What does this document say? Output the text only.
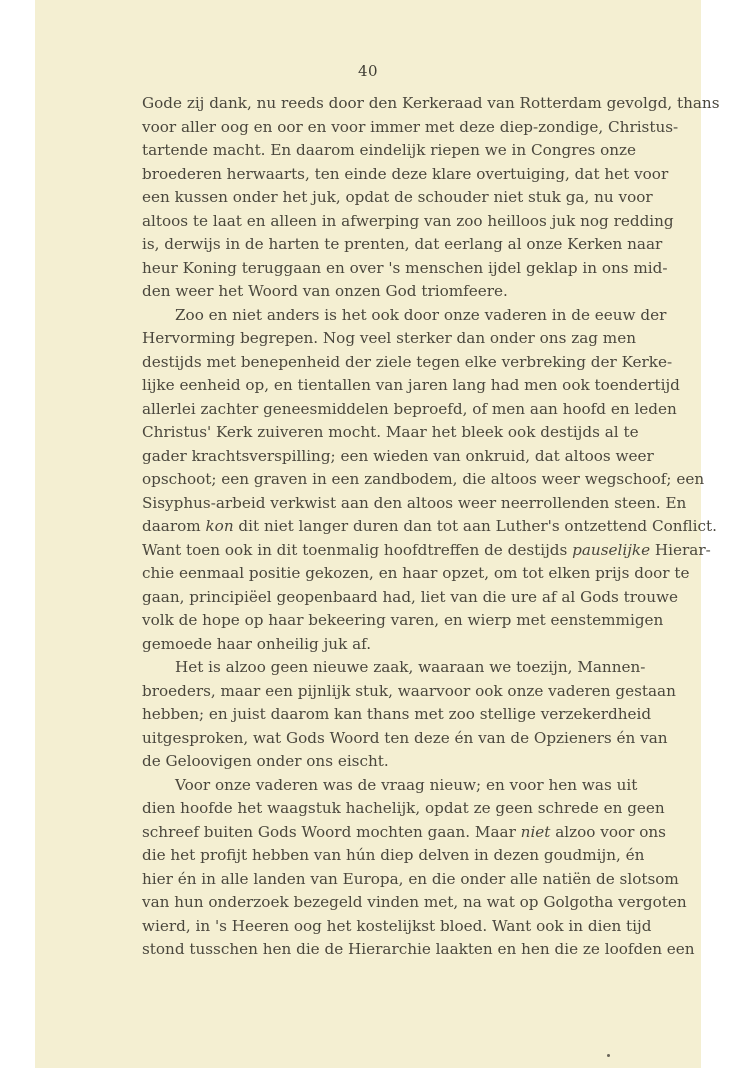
40
Gode zij dank, nu reeds door den Kerkeraad van Rotterdam gevolgd, thans
voor aller oog en oor en voor immer met deze diep-zondige, Christus-
tartende macht. En daarom eindelijk riepen we in Congres onze
broederen herwaarts, ten einde deze klare overtuiging, dat het voor
een kussen onder het juk, opdat de schouder niet stuk ga, nu voor
altoos te laat en alleen in afwerping van zoo heilloos juk nog redding
is, derwijs in de harten te prenten, dat eerlang al onze Kerken naar
heur Koning teruggaan en over 's menschen ijdel geklap in ons mid-
den weer het Woord van onzen God triomfeere.
Zoo en niet anders is het ook door onze vaderen in de eeuw der
Hervorming begrepen. Nog veel sterker dan onder ons zag men
destijds met benepenheid der ziele tegen elke verbreking der Kerke-
lijke eenheid op, en tientallen van jaren lang had men ook toendertijd
allerlei zachter geneesmiddelen beproefd, of men aan hoofd en leden
Christus' Kerk zuiveren mocht. Maar het bleek ook destijds al te
gader krachtsverspilling; een wieden van onkruid, dat altoos weer
opschoot; een graven in een zandbodem, die altoos weer wegschoof; een
Sisyphus-arbeid verkwist aan den altoos weer neerrollenden steen. En
daarom kon dit niet langer duren dan tot aan Luther's ontzettend Conflict.
Want toen ook in dit toenmalig hoofdtreffen de destijds pauselijke Hierar-
chie eenmaal positie gekozen, en haar opzet, om tot elken prijs door te
gaan, principiëel geopenbaard had, liet van die ure af al Gods trouwe
volk de hope op haar bekeering varen, en wierp met eenstemmigen
gemoede haar onheilig juk af.
Het is alzoo geen nieuwe zaak, waaraan we toezijn, Mannen-
broeders, maar een pijnlijk stuk, waarvoor ook onze vaderen gestaan
hebben; en juist daarom kan thans met zoo stellige verzekerdheid
uitgesproken, wat Gods Woord ten deze én van de Opzieners én van
de Geloovigen onder ons eischt.
Voor onze vaderen was de vraag nieuw; en voor hen was uit
dien hoofde het waagstuk hachelijk, opdat ze geen schrede en geen
schreef buiten Gods Woord mochten gaan. Maar niet alzoo voor ons
die het profijt hebben van hún diep delven in dezen goudmijn, én
hier én in alle landen van Europa, en die onder alle natiën de slotsom
van hun onderzoek bezegeld vinden met, na wat op Golgotha vergoten
wierd, in 's Heeren oog het kostelijkst bloed. Want ook in dien tijd
stond tusschen hen die de Hierarchie laakten en hen die ze loofden een
